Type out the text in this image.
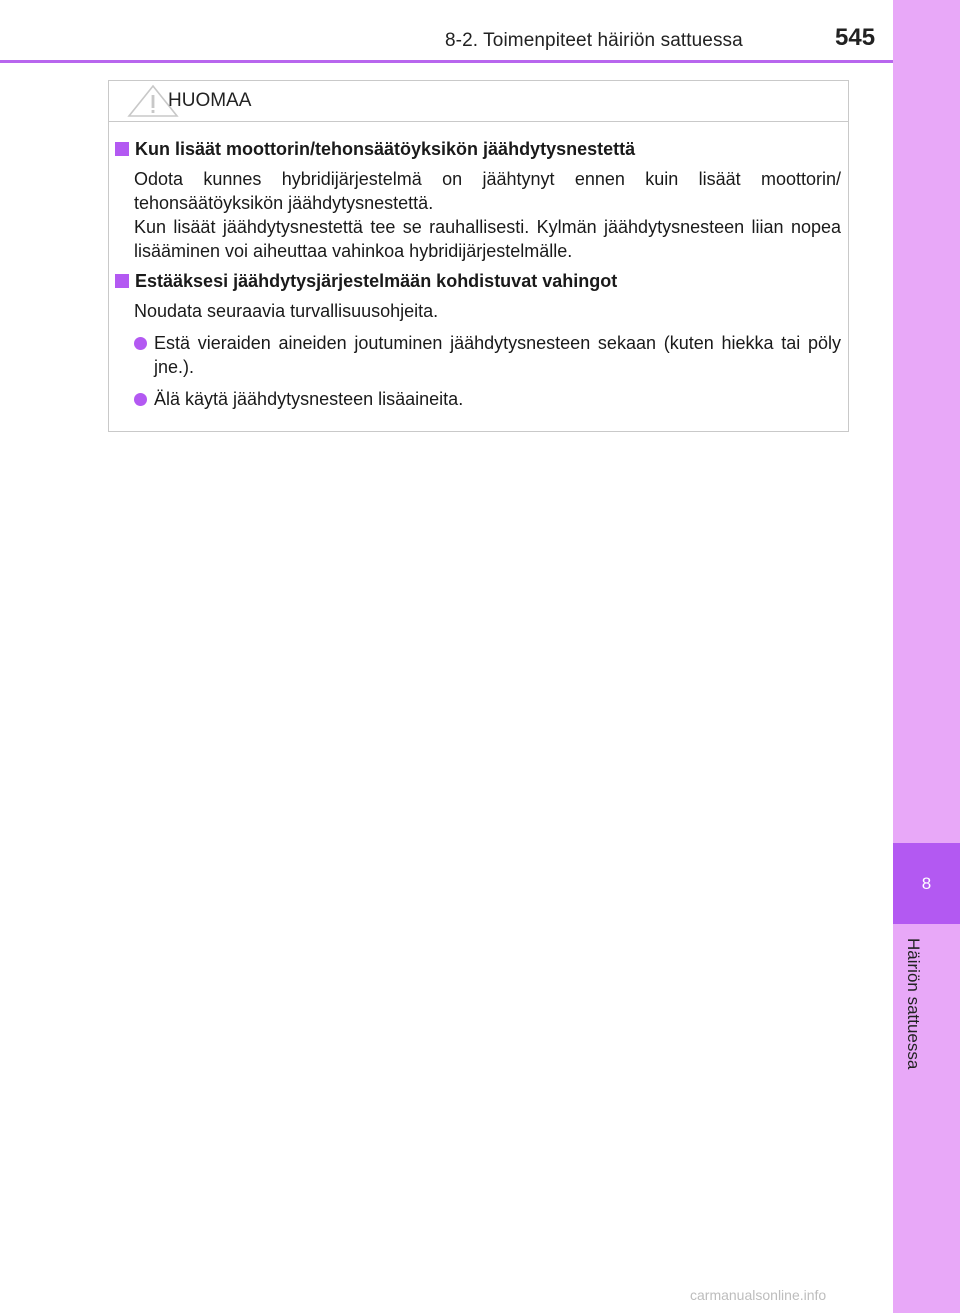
8-2. Toimenpiteet häiriön sattuessa	545
8
Häiriön sattuessa
HUOMAA
Kun lisäät moottorin/tehonsäätöyksikön jäähdytysnestettä
Odota kunnes hybridijärjestelmä on jäähtynyt ennen kuin lisäät moottorin/ tehonsäätöyksikön jäähdytysnestettä.
Kun lisäät jäähdytysnestettä tee se rauhallisesti. Kylmän jäähdytysnesteen liian nopea lisääminen voi aiheuttaa vahinkoa hybridijärjestelmälle.
Estääksesi jäähdytysjärjestelmään kohdistuvat vahingot
Noudata seuraavia turvallisuusohjeita.
Estä vieraiden aineiden joutuminen jäähdytysnesteen sekaan (kuten hiekka tai pöly jne.).
Älä käytä jäähdytysnesteen lisäaineita.
carmanualsonline.info
